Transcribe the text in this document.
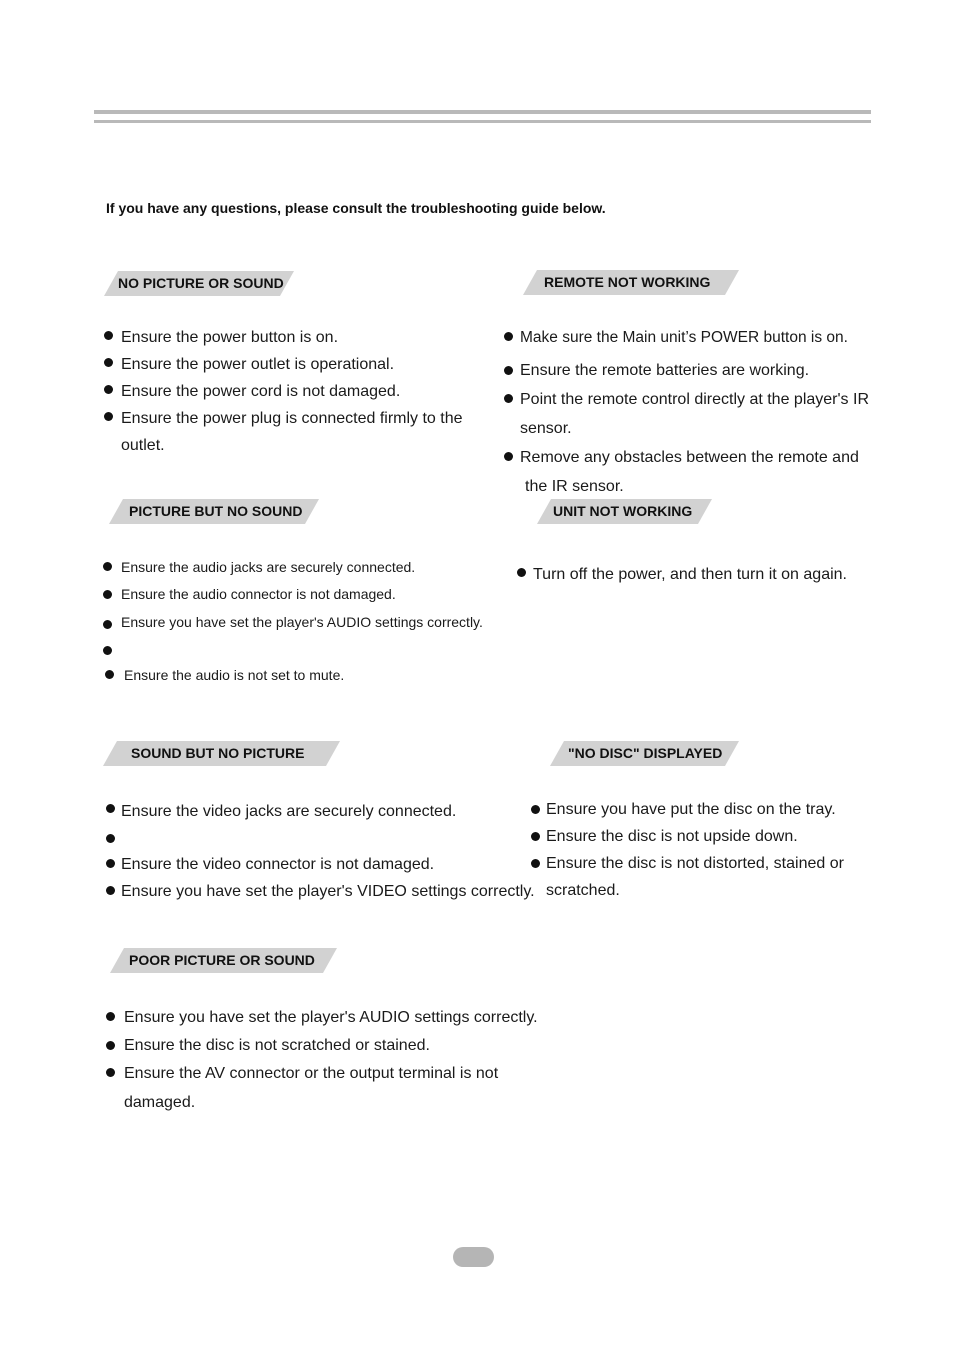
If you have any questions, please consult the troubleshooting guide below.
NO PICTURE OR SOUND
Ensure the power button is on.
Ensure the power outlet is operational.
Ensure the power cord is not damaged.
Ensure the power plug is connected firmly to the
outlet.
REMOTE NOT WORKING
Make sure the Main unit’s POWER button is on.
Ensure the remote batteries are working.
Point the remote control directly at the player's IR
sensor.
Remove any obstacles between the remote and
the IR sensor.
PICTURE BUT NO SOUND
Ensure the audio jacks are securely connected.
Ensure the audio connector is not damaged.
Ensure you have set the player's AUDIO settings correctly.
Ensure the audio is not set to mute.
UNIT NOT WORKING
Turn off the power, and then turn it on again.
SOUND BUT NO PICTURE
Ensure the video jacks are securely connected.
Ensure the video connector is not damaged.
Ensure you have set the player's VIDEO settings correctly.
"NO DISC" DISPLAYED
Ensure you have put the disc on the tray.
Ensure the disc is not upside down.
Ensure the disc is not distorted, stained or
scratched.
POOR PICTURE OR SOUND
Ensure you have set the player's AUDIO settings correctly.
Ensure the disc is not scratched or stained.
Ensure the AV connector or the output terminal is not
damaged.
